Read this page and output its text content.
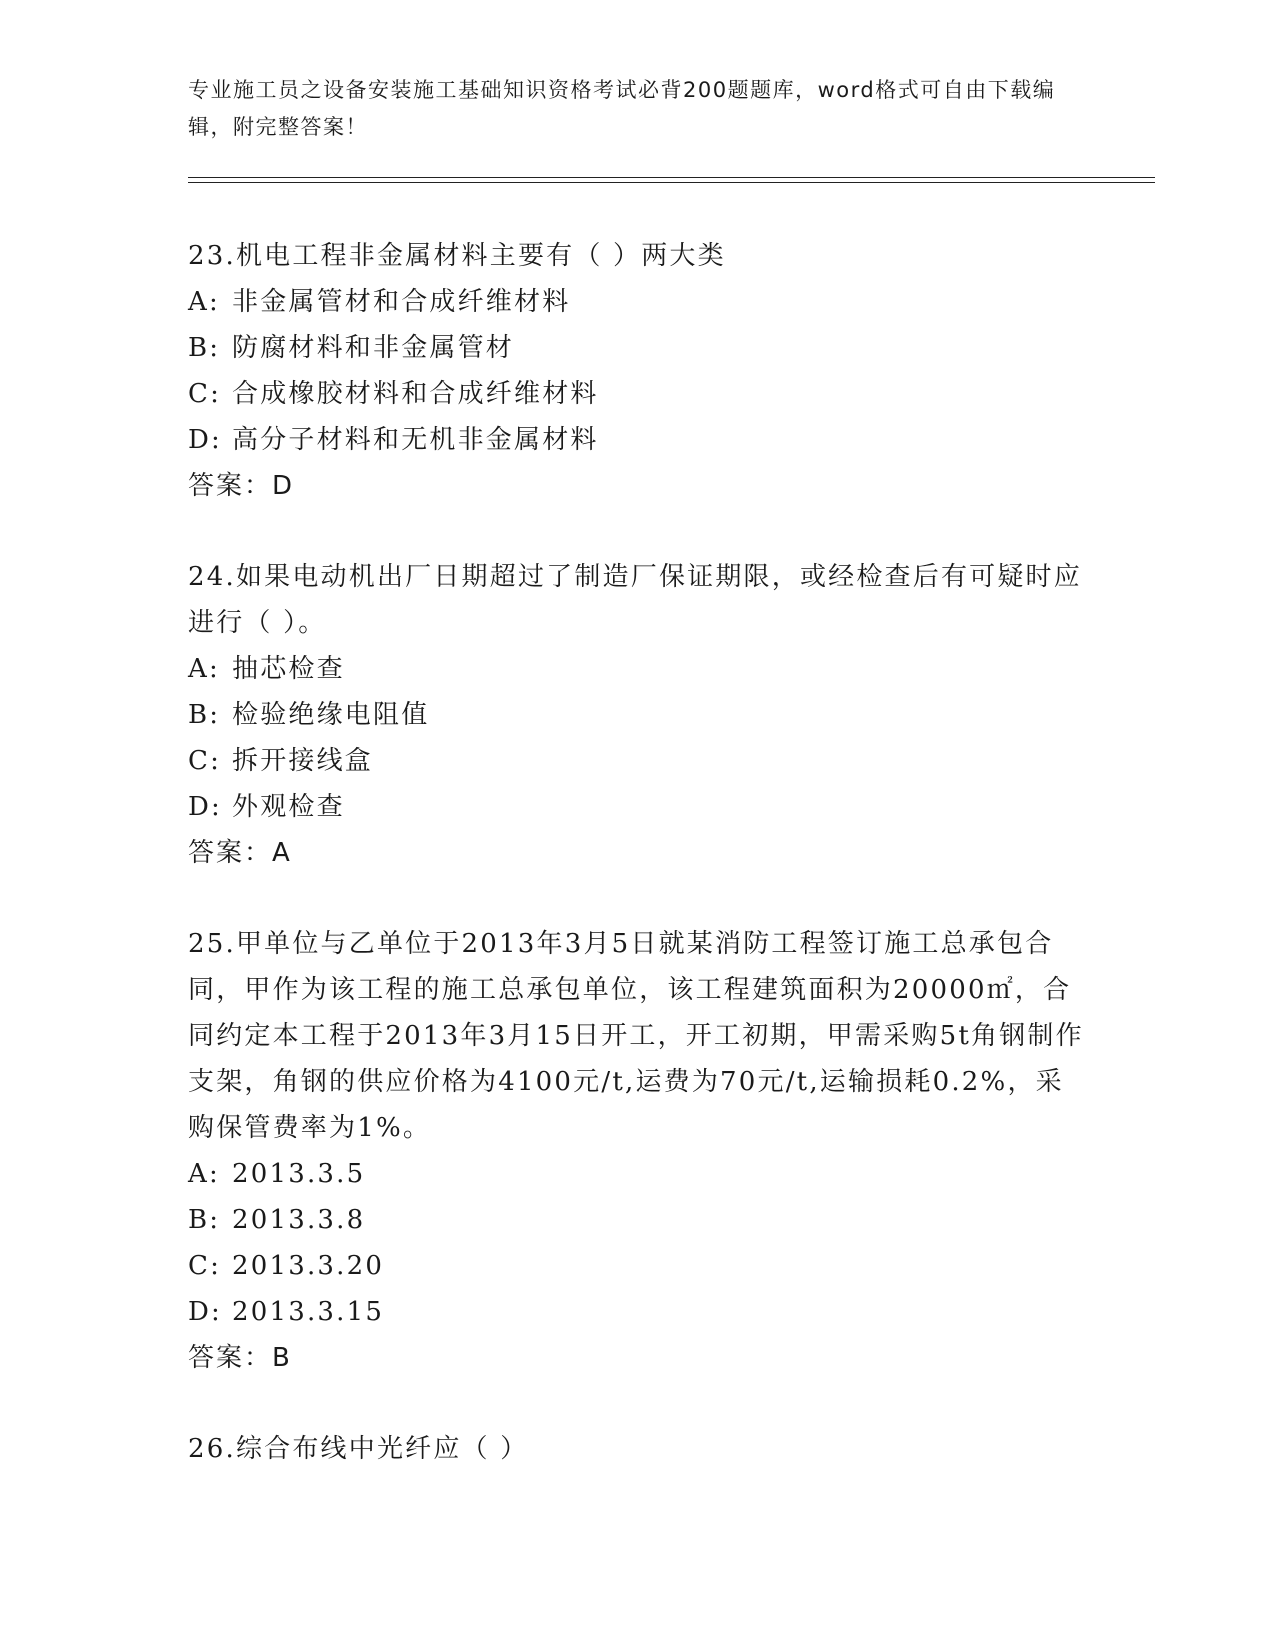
专业施工员之设备安装施工基础知识资格考试必背200题题库，word格式可自由下载编辑，附完整答案！

23.机电工程非金属材料主要有（ ）两大类

A: 非金属管材和合成纤维材料

B: 防腐材料和非金属管材

C: 合成橡胶材料和合成纤维材料

D: 高分子材料和无机非金属材料

答案：D

24.如果电动机出厂日期超过了制造厂保证期限，或经检查后有可疑时应进行（ ）。

A: 抽芯检查

B: 检验绝缘电阻值

C: 拆开接线盒

D: 外观检查

答案：A

25.甲单位与乙单位于2013年3月5日就某消防工程签订施工总承包合同，甲作为该工程的施工总承包单位，该工程建筑面积为20000㎡，合同约定本工程于2013年3月15日开工，开工初期，甲需采购5t角钢制作支架，角钢的供应价格为4100元/t,运费为70元/t,运输损耗0.2%，采购保管费率为1%。

A: 2013.3.5

B: 2013.3.8

C: 2013.3.20

D: 2013.3.15

答案：B

26.综合布线中光纤应（ ）
